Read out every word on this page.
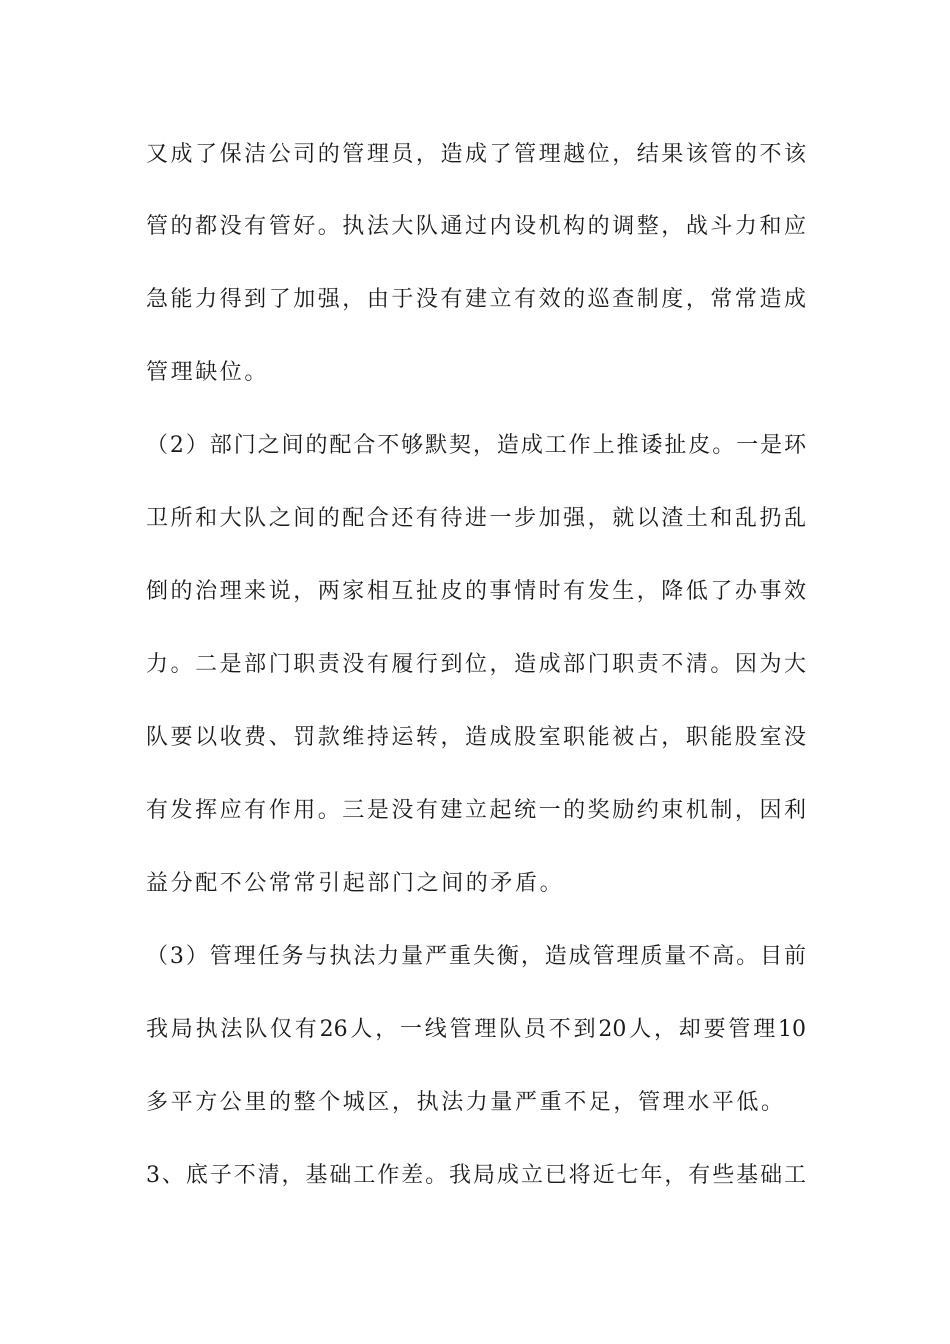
又成了保洁公司的管理员，造成了管理越位，结果该管的不该
管的都没有管好。执法大队通过内设机构的调整，战斗力和应
急能力得到了加强，由于没有建立有效的巡查制度，常常造成
管理缺位。
（2）部门之间的配合不够默契，造成工作上推诿扯皮。一是环
卫所和大队之间的配合还有待进一步加强，就以渣土和乱扔乱
倒的治理来说，两家相互扯皮的事情时有发生，降低了办事效
力。二是部门职责没有履行到位，造成部门职责不清。因为大
队要以收费、罚款维持运转，造成股室职能被占，职能股室没
有发挥应有作用。三是没有建立起统一的奖励约束机制，因利
益分配不公常常引起部门之间的矛盾。
（3）管理任务与执法力量严重失衡，造成管理质量不高。目前
我局执法队仅有26人，一线管理队员不到20人，却要管理10
多平方公里的整个城区，执法力量严重不足，管理水平低。
3、底子不清，基础工作差。我局成立已将近七年，有些基础工
